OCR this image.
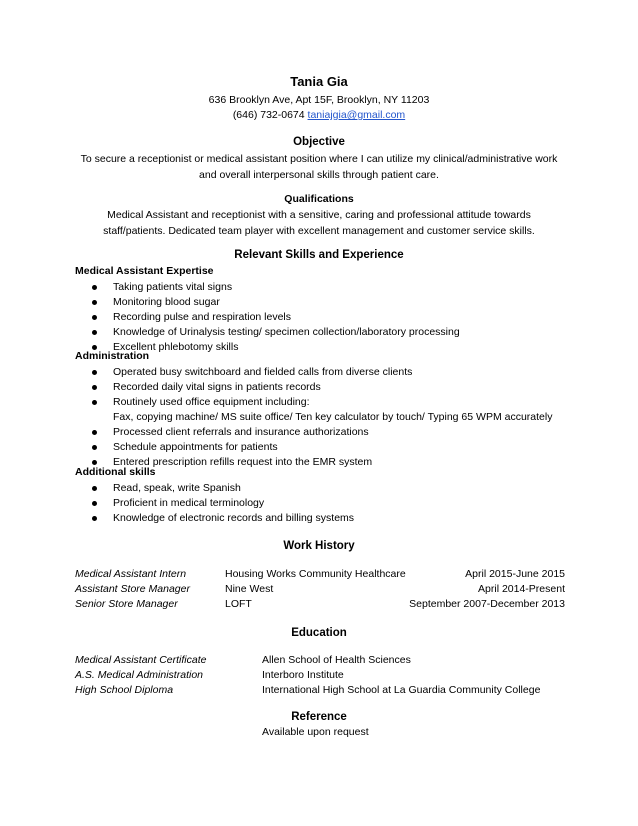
Tania Gia
636 Brooklyn Ave, Apt 15F, Brooklyn, NY 11203
(646) 732-0674 taniajgia@gmail.com
Objective
To secure a receptionist or medical assistant position where I can utilize my clinical/administrative work
and overall interpersonal skills through patient care.
Qualifications
Medical Assistant and receptionist with a sensitive, caring and professional attitude towards
staff/patients. Dedicated team player with excellent management and customer service skills.
Relevant Skills and Experience
Medical Assistant Expertise
Taking patients vital signs
Monitoring blood sugar
Recording pulse and respiration levels
Knowledge of Urinalysis testing/ specimen collection/laboratory processing
Excellent phlebotomy skills
Administration
Operated busy switchboard and fielded calls from diverse clients
Recorded daily vital signs in patients records
Routinely used office equipment including:
Fax, copying machine/ MS suite office/ Ten key calculator by touch/ Typing 65 WPM accurately
Processed client referrals and insurance authorizations
Schedule appointments for patients
Entered prescription refills request into the EMR system
Additional skills
Read, speak, write Spanish
Proficient in medical terminology
Knowledge of electronic records and billing systems
Work History
Medical Assistant Intern	Housing Works Community Healthcare	April 2015-June 2015
Assistant Store Manager	Nine West	April 2014-Present
Senior Store Manager	LOFT	September 2007-December 2013
Education
Medical Assistant Certificate	Allen School of Health Sciences
A.S. Medical Administration	Interboro Institute
High School Diploma	International High School at La Guardia Community College
Reference
Available upon request
